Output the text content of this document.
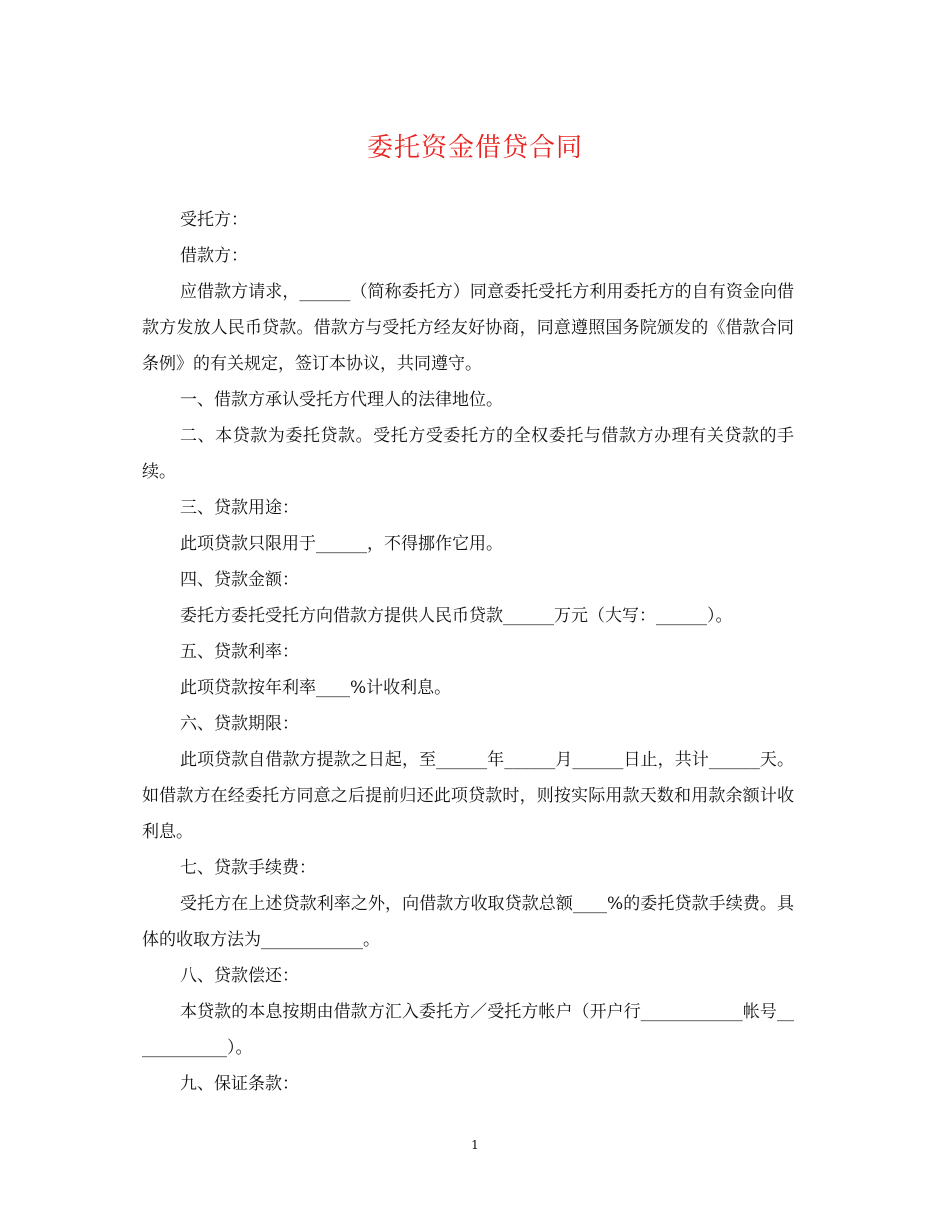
委托资金借贷合同

受托方：

借款方：

应借款方请求，______（简称委托方）同意委托受托方利用委托方的自有资金向借款方发放人民币贷款。借款方与受托方经友好协商，同意遵照国务院颁发的《借款合同条例》的有关规定，签订本协议，共同遵守。

一、借款方承认受托方代理人的法律地位。

二、本贷款为委托贷款。受托方受委托方的全权委托与借款方办理有关贷款的手续。

三、贷款用途：

此项贷款只限用于______，不得挪作它用。

四、贷款金额：

委托方委托受托方向借款方提供人民币贷款______万元（大写：______）。

五、贷款利率：

此项贷款按年利率____%计收利息。

六、贷款期限：

此项贷款自借款方提款之日起，至______年______月______日止，共计______天。如借款方在经委托方同意之后提前归还此项贷款时，则按实际用款天数和用款余额计收利息。

七、贷款手续费：

受托方在上述贷款利率之外，向借款方收取贷款总额____%的委托贷款手续费。具体的收取方法为____________。

八、贷款偿还：

本贷款的本息按期由借款方汇入委托方／受托方帐户（开户行____________帐号____________）。

九、保证条款：

1
